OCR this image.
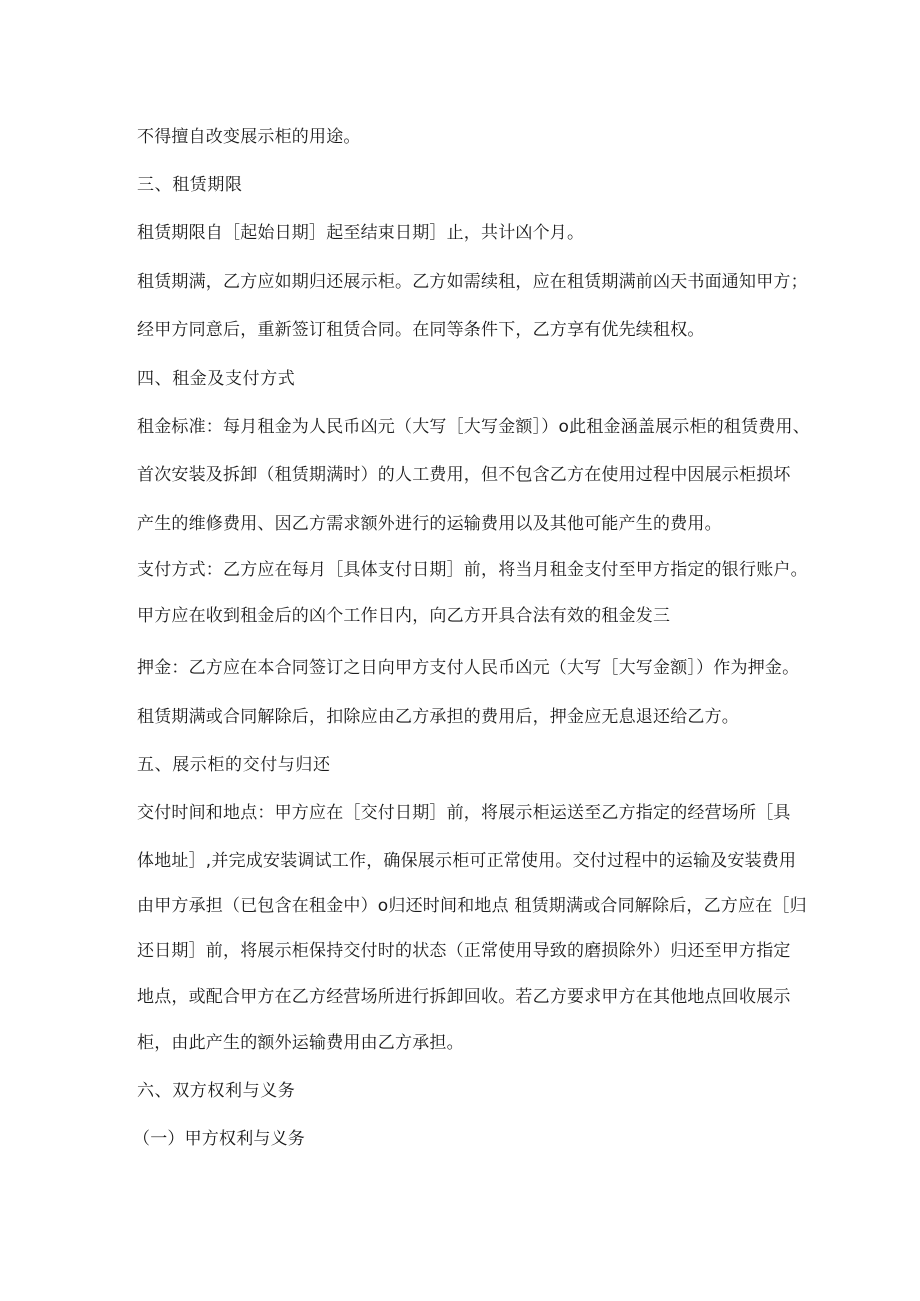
不得擅自改变展示柜的用途。

三、租赁期限

租赁期限自［起始日期］起至结束日期］止，共计凶个月。

租赁期满，乙方应如期归还展示柜。乙方如需续租，应在租赁期满前凶天书面通知甲方；

经甲方同意后，重新签订租赁合同。在同等条件下，乙方享有优先续租权。

四、租金及支付方式

租金标准：每月租金为人民币凶元（大写［大写金额］）o此租金涵盖展示柜的租赁费用、

首次安装及拆卸（租赁期满时）的人工费用，但不包含乙方在使用过程中因展示柜损坏

产生的维修费用、因乙方需求额外进行的运输费用以及其他可能产生的费用。

支付方式：乙方应在每月［具体支付日期］前，将当月租金支付至甲方指定的银行账户。

甲方应在收到租金后的凶个工作日内，向乙方开具合法有效的租金发三

押金：乙方应在本合同签订之日向甲方支付人民币凶元（大写［大写金额］）作为押金。

租赁期满或合同解除后，扣除应由乙方承担的费用后，押金应无息退还给乙方。

五、展示柜的交付与归还

交付时间和地点：甲方应在［交付日期］前，将展示柜运送至乙方指定的经营场所［具

体地址］,并完成安装调试工作，确保展示柜可正常使用。交付过程中的运输及安装费用

由甲方承担（已包含在租金中）o归还时间和地点 租赁期满或合同解除后，乙方应在［归

还日期］前，将展示柜保持交付时的状态（正常使用导致的磨损除外）归还至甲方指定

地点，或配合甲方在乙方经营场所进行拆卸回收。若乙方要求甲方在其他地点回收展示

柜，由此产生的额外运输费用由乙方承担。

六、双方权利与义务

（一）甲方权利与义务
